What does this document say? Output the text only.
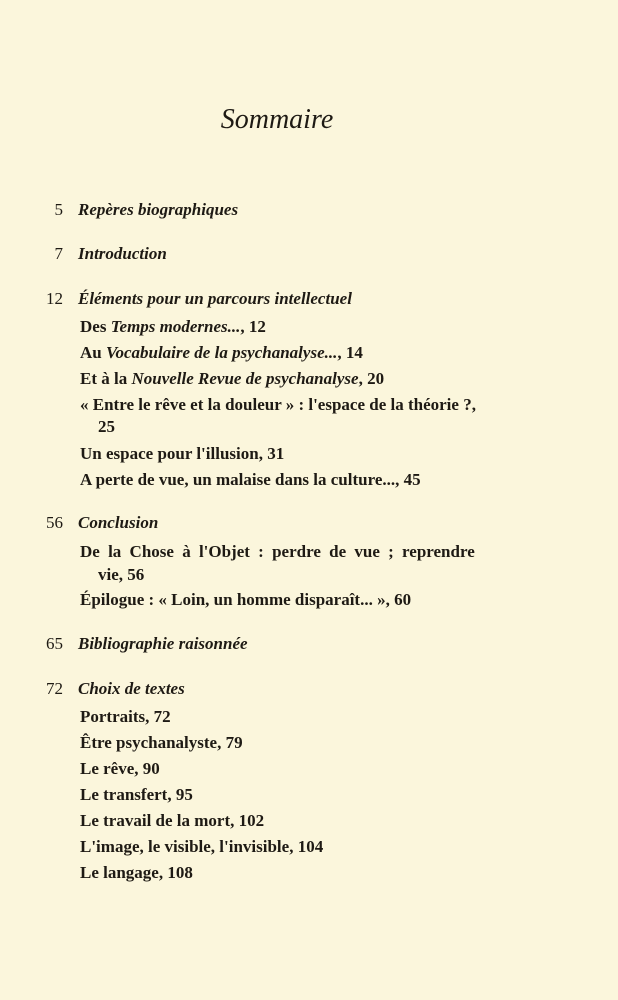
Sommaire
5 Repères biographiques
7 Introduction
12 Éléments pour un parcours intellectuel
Des Temps modernes..., 12
Au Vocabulaire de la psychanalyse..., 14
Et à la Nouvelle Revue de psychanalyse, 20
« Entre le rêve et la douleur » : l'espace de la théorie ?,
25
Un espace pour l'illusion, 31
A perte de vue, un malaise dans la culture..., 45
56 Conclusion
De la Chose à l'Objet : perdre de vue ; reprendre
vie, 56
Épilogue : « Loin, un homme disparaît... », 60
65 Bibliographie raisonnée
72 Choix de textes
Portraits, 72
Être psychanalyste, 79
Le rêve, 90
Le transfert, 95
Le travail de la mort, 102
L'image, le visible, l'invisible, 104
Le langage, 108
